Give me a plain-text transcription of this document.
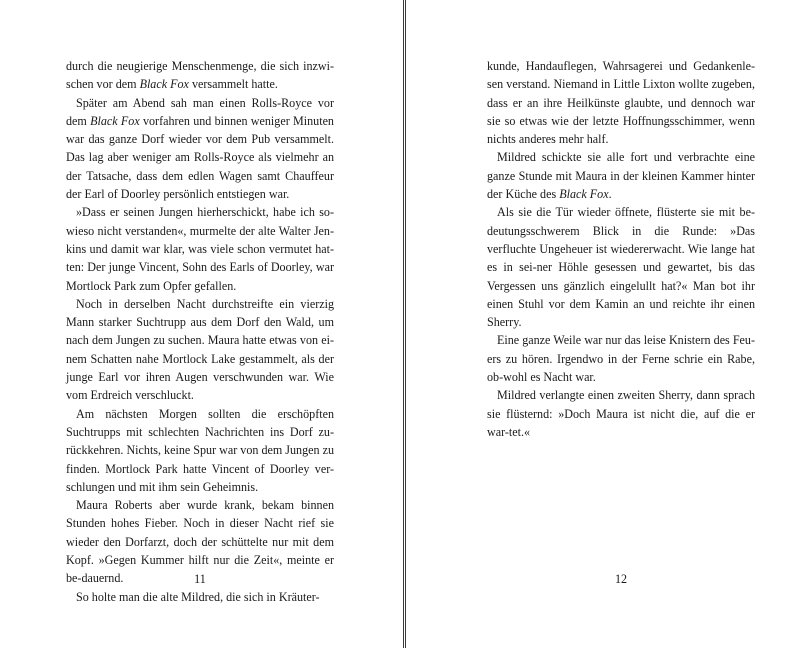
durch die neugierige Menschenmenge, die sich inzwi-schen vor dem Black Fox versammelt hatte.

Später am Abend sah man einen Rolls-Royce vor dem Black Fox vorfahren und binnen weniger Minuten war das ganze Dorf wieder vor dem Pub versammelt. Das lag aber weniger am Rolls-Royce als vielmehr an der Tatsache, dass dem edlen Wagen samt Chauffeur der Earl of Doorley persönlich entstiegen war.

»Dass er seinen Jungen hierherschickt, habe ich so-wieso nicht verstanden«, murmelte der alte Walter Jen-kins und damit war klar, was viele schon vermutet hat-ten: Der junge Vincent, Sohn des Earls of Doorley, war Mortlock Park zum Opfer gefallen.

Noch in derselben Nacht durchstreifte ein vierzig Mann starker Suchtrupp aus dem Dorf den Wald, um nach dem Jungen zu suchen. Maura hatte etwas von ei-nem Schatten nahe Mortlock Lake gestammelt, als der junge Earl vor ihren Augen verschwunden war. Wie vom Erdreich verschluckt.

Am nächsten Morgen sollten die erschöpften Suchtrupps mit schlechten Nachrichten ins Dorf zu-rückkehren. Nichts, keine Spur war von dem Jungen zu finden. Mortlock Park hatte Vincent of Doorley ver-schlungen und mit ihm sein Geheimnis.

Maura Roberts aber wurde krank, bekam binnen Stunden hohes Fieber. Noch in dieser Nacht rief sie wieder den Dorfarzt, doch der schüttelte nur mit dem Kopf. »Gegen Kummer hilft nur die Zeit«, meinte er be-dauernd.

So holte man die alte Mildred, die sich in Kräuter-

11

kunde, Handauflegen, Wahrsagerei und Gedankenle-sen verstand. Niemand in Little Lixton wollte zugeben, dass er an ihre Heilkünste glaubte, und dennoch war sie so etwas wie der letzte Hoffnungsschimmer, wenn nichts anderes mehr half.

Mildred schickte sie alle fort und verbrachte eine ganze Stunde mit Maura in der kleinen Kammer hinter der Küche des Black Fox.

Als sie die Tür wieder öffnete, flüsterte sie mit be-deutungsschwerem Blick in die Runde: »Das verfluchte Ungeheuer ist wiedererwacht. Wie lange hat es in sei-ner Höhle gesessen und gewartet, bis das Vergessen uns gänzlich eingelullt hat?« Man bot ihr einen Stuhl vor dem Kamin an und reichte ihr einen Sherry.

Eine ganze Weile war nur das leise Knistern des Feu-ers zu hören. Irgendwo in der Ferne schrie ein Rabe, ob-wohl es Nacht war.

Mildred verlangte einen zweiten Sherry, dann sprach sie flüsternd: »Doch Maura ist nicht die, auf die er war-tet.«

12
